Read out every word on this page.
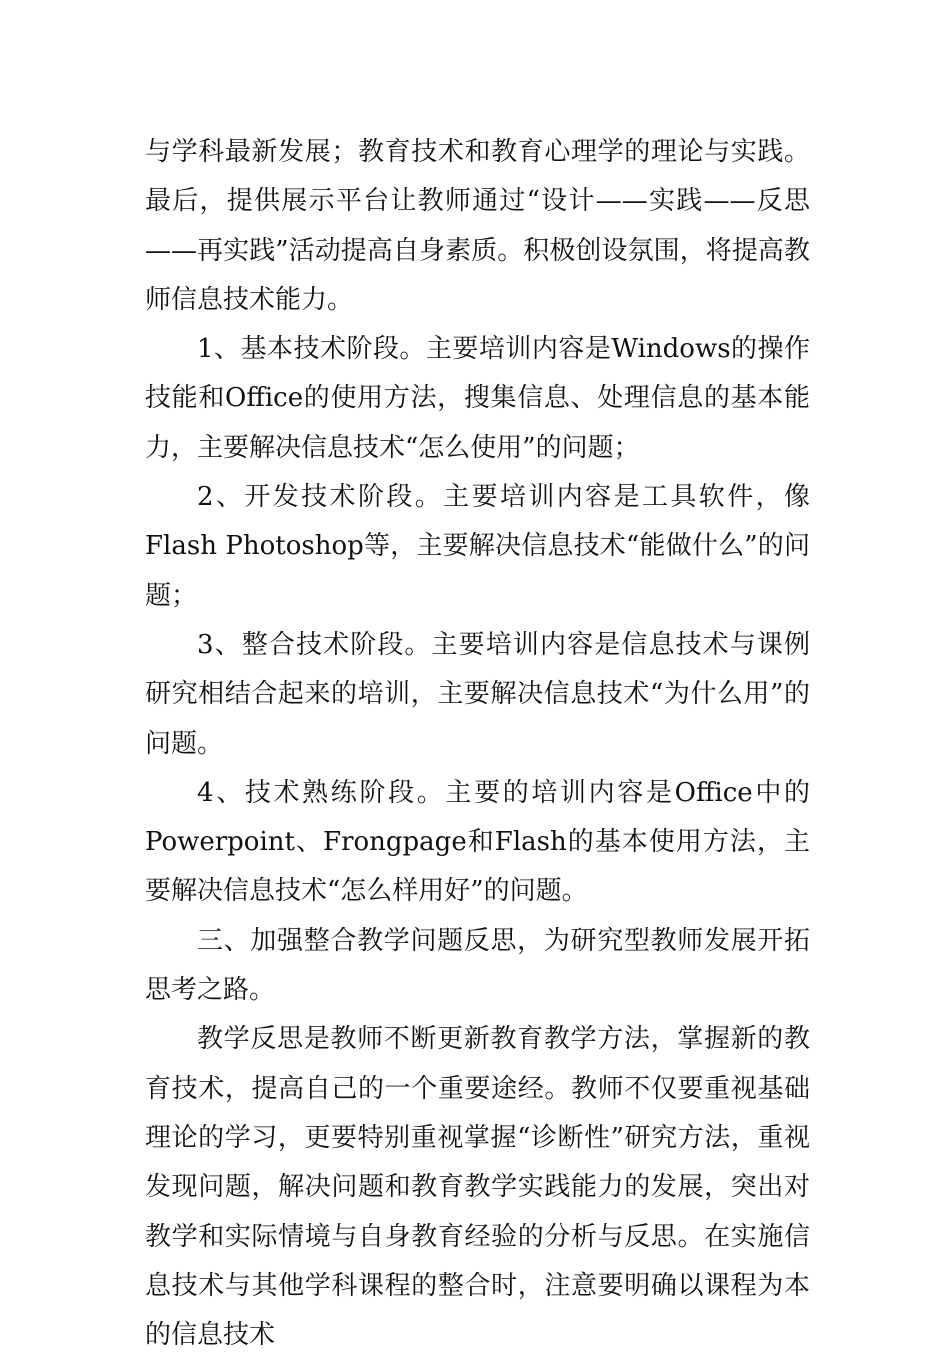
与学科最新发展；教育技术和教育心理学的理论与实践。最后，提供展示平台让教师通过“设计——实践——反思——再实践”活动提高自身素质。积极创设氛围，将提高教师信息技术能力。

1、基本技术阶段。主要培训内容是Windows的操作技能和Office的使用方法，搜集信息、处理信息的基本能力，主要解决信息技术“怎么使用”的问题；

2、开发技术阶段。主要培训内容是工具软件，像Flash Photoshop等，主要解决信息技术“能做什么”的问题；

3、整合技术阶段。主要培训内容是信息技术与课例研究相结合起来的培训，主要解决信息技术“为什么用”的问题。

4、技术熟练阶段。主要的培训内容是Office中的Powerpoint、Frongpage和Flash的基本使用方法，主要解决信息技术“怎么样用好”的问题。

三、加强整合教学问题反思，为研究型教师发展开拓思考之路。

教学反思是教师不断更新教育教学方法，掌握新的教育技术，提高自己的一个重要途经。教师不仅要重视基础理论的学习，更要特别重视掌握“诊断性”研究方法，重视发现问题，解决问题和教育教学实践能力的发展，突出对教学和实际情境与自身教育经验的分析与反思。在实施信息技术与其他学科课程的整合时，注意要明确以课程为本的信息技术
